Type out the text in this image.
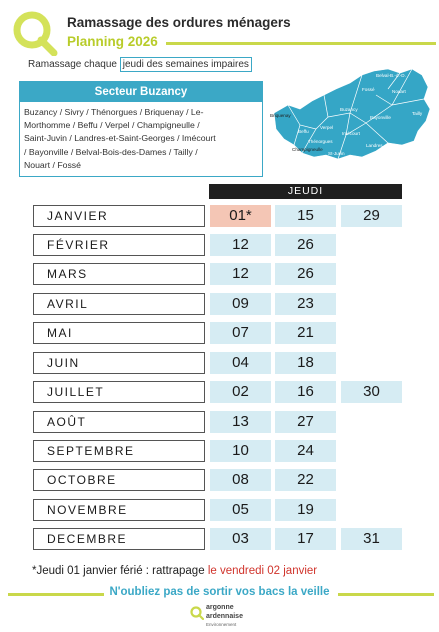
Ramassage des ordures ménagers
Planning 2026
Ramassage chaque jeudi des semaines impaires
Secteur Buzancy
Buzancy / Sivry / Thénorgues / Briquenay / Le-
Morthomme / Beffu / Verpel / Champigneulle /
Saint-Juvin / Landres-et-Saint-Georges / Imécourt
/ Bayonville / Belval-Bois-des-Dames / Tailly /
Nouart / Fossé
Belval-B.-d.-D.
Fossé	Nouart
Buzancy
Briquenay	Bayonville
Tailly
Beffu
Verpel
Imécourt
Champigneulle
St-Juvin
Landres
Thénorgues
JEUDI
JANVIER	01*	15	29
FÉVRIER	12	26
MARS	12	26
AVRIL	09	23
MAI	07	21
JUIN	04	18
JUILLET	02	16	30
AOÛT	13	27
SEPTEMBRE	10	24
OCTOBRE	08	22
NOVEMBRE	05	19
DECEMBRE	03	17	31
*Jeudi 01 janvier férié : rattrapage le vendredi 02 janvier
N'oubliez pas de sortir vos bacs la veille
argonne
ardennaise
Environnement
